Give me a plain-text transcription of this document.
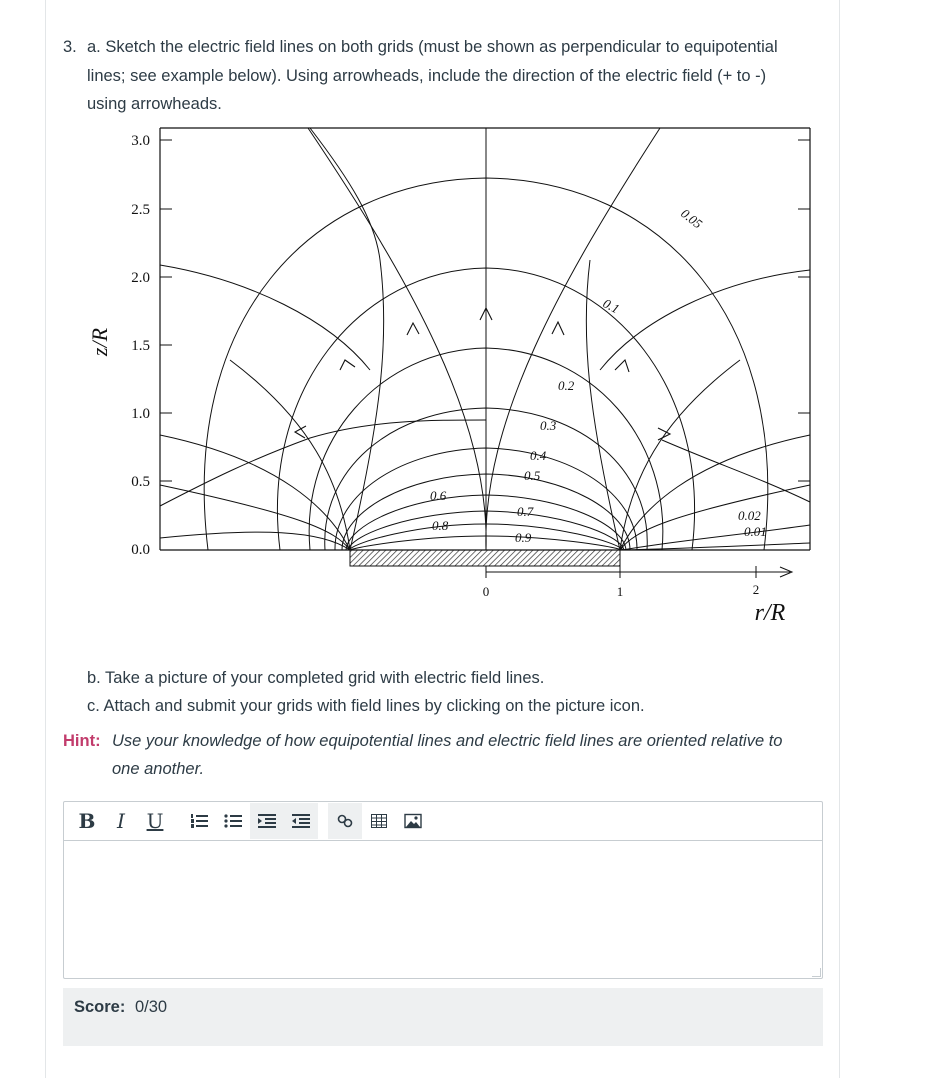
3. a. Sketch the electric field lines on both grids (must be shown as perpendicular to equipotential lines; see example below). Using arrowheads, include the direction of the electric field (+ to -) using arrowheads.
3.0
2.5
2.0
1.5
1.0
0.5
0.0
z/R
0	1	2
r/R
0.05
0.1
0.2
0.3
0.4
0.5
0.6
0.7
0.8
0.9
0.02
0.01
b. Take a picture of your completed grid with electric field lines.
c. Attach and submit your grids with field lines by clicking on the picture icon.
Hint: Use your knowledge of how equipotential lines and electric field lines are oriented relative to one another.
B	I	U
Score: 0/30
